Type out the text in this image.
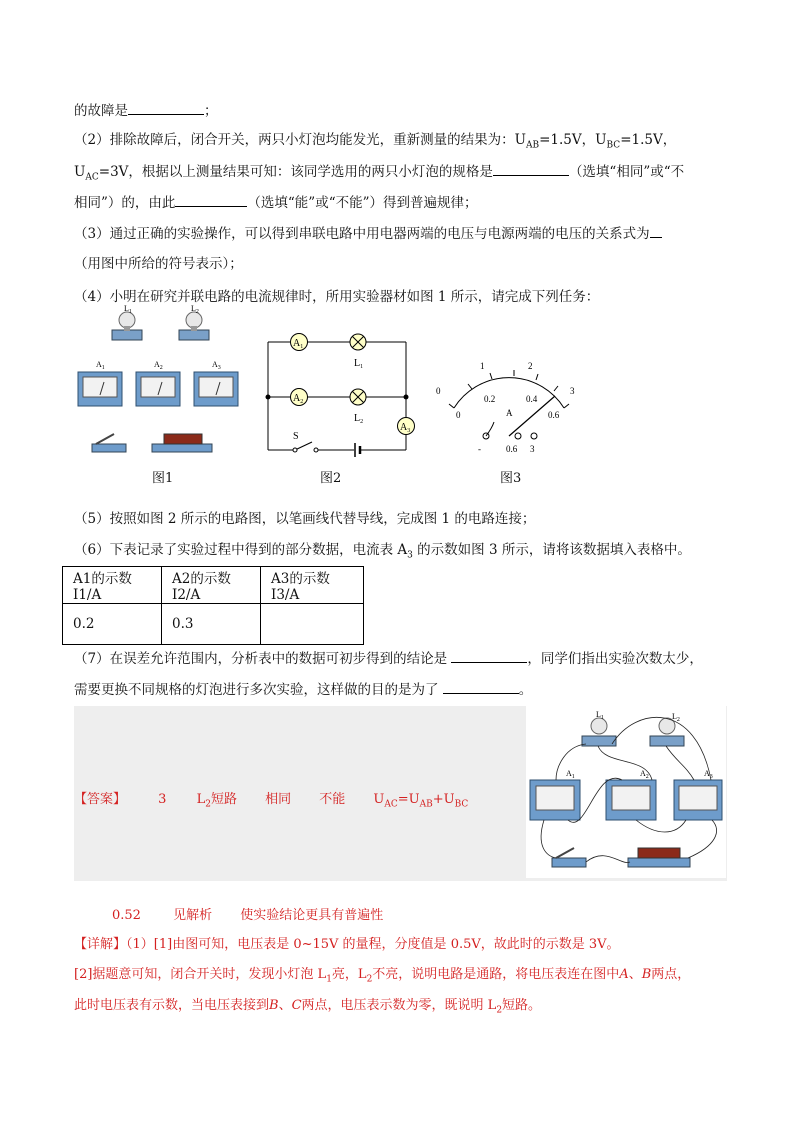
的故障是	；
（2）排除故障后，闭合开关，两只小灯泡均能发光，重新测量的结果为：$U_{AB}=1.5V$，$U_{BC}=1.5V$，
$U_{AC}=3V$，根据以上测量结果可知：该同学选用的两只小灯泡的规格是	（选填“相同”或“不
相同”）的，由此	（选填“能”或“不能”）得到普遍规律；
（3）通过正确的实验操作，可以得到串联电路中用电器两端的电压与电源两端的电压的关系式为
（用图中所给的符号表示）；
（4）小明在研究并联电路的电流规律时，所用实验器材如图 1 所示，请完成下列任务：
$L_1$	$L_2$
$A_1$	$A_2$	$A_3$
图1
$A_1$
$A_2$
$A_3$
$L_1$
$L_2$
S
图2
0
1	2
3
0
0.2	0.4
0.6
A
-	0.6 3
图3
（5）按照如图 2 所示的电路图，以笔画线代替导线，完成图 1 的电路连接；
（6）下表记录了实验过程中得到的部分数据，电流表 $A_3$ 的示数如图 3 所示，请将该数据填入表格中。
A1的示数 I1/A	A2的示数 I2/A	A3的示数 I3/A
0.2	0.3	
（7）在误差允许范围内，分析表中的数据可初步得到的结论是	，同学们指出实验次数太少，
需要更换不同规格的灯泡进行多次实验，这样做的目的是为了	。
【答案】 3 $L_2$短路 相同 不能 $U_{AC}=U_{AB}+U_{BC}$
$L_1$	$L_2$
$A_1$	$A_2$	$A_3$
0.52 见解析 使实验结论更具有普遍性
【详解】（1）[1]由图可知，电压表是 0~15V 的量程，分度值是 0.5V，故此时的示数是 3V。
[2]据题意可知，闭合开关时，发现小灯泡 $L_1$亮，$L_2$不亮，说明电路是通路，将电压表连在图中A、B两点，
此时电压表有示数，当电压表接到B、C两点，电压表示数为零，既说明 $L_2$短路。
